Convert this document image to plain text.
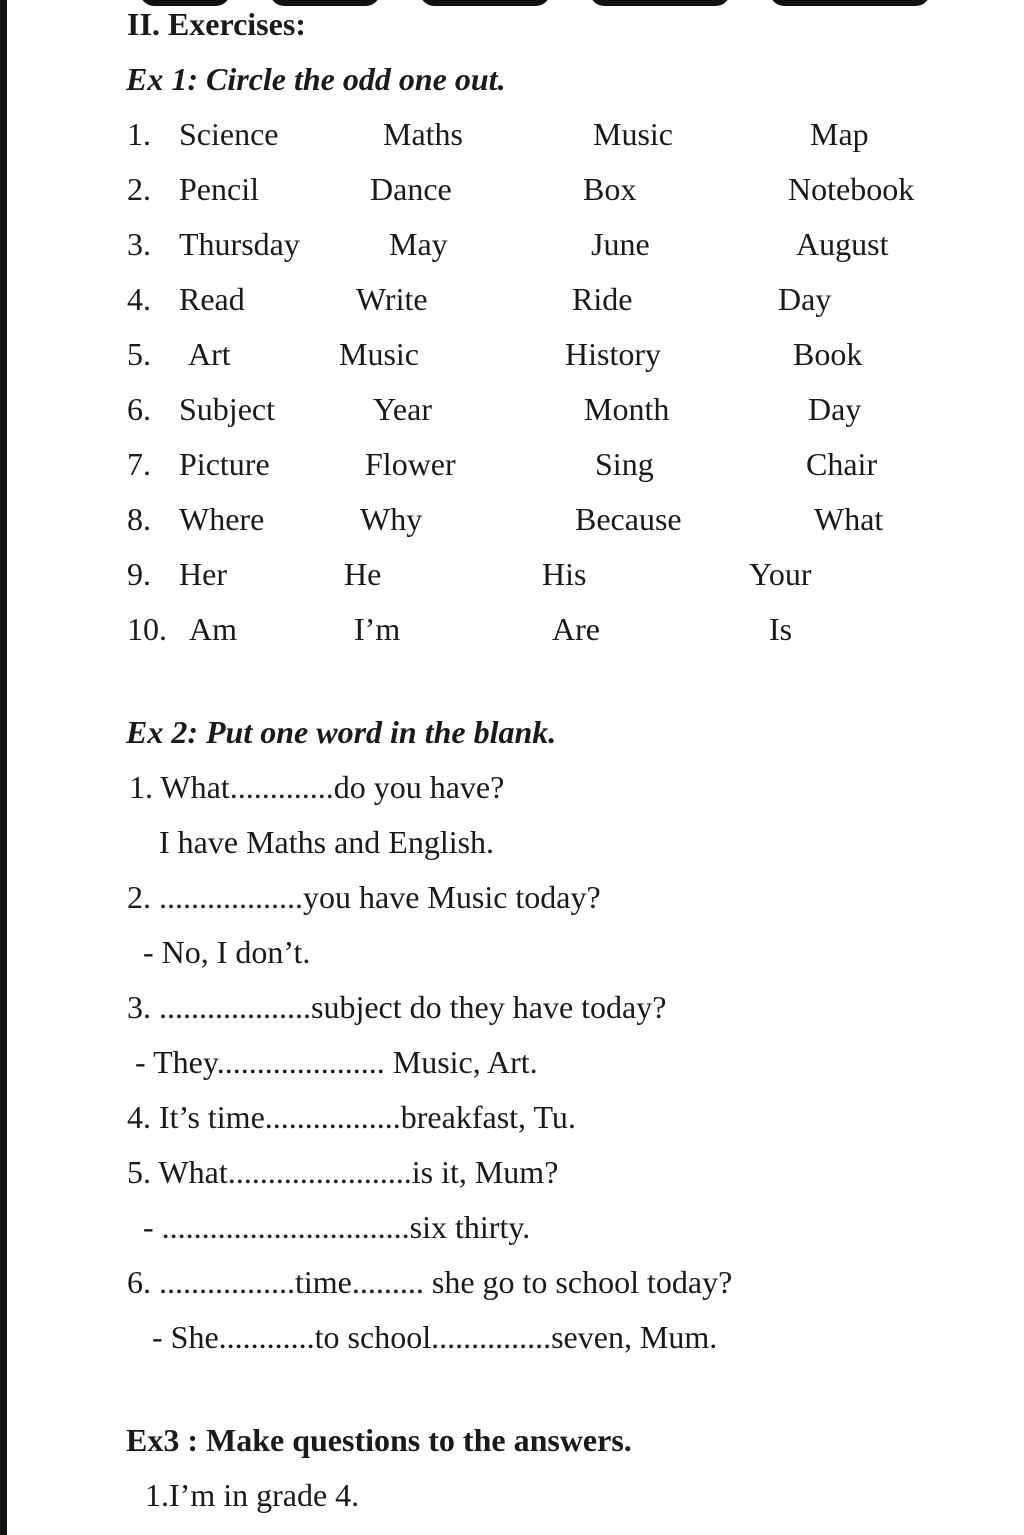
II. Exercises:
Ex 1: Circle the odd one out.
1. Science	Maths	Music	Map
2. Pencil	Dance	Box	Notebook
3. Thursday	May	June	August
4. Read	Write	Ride	Day
5. Art	Music	History	Book
6. Subject	Year	Month	Day
7. Picture	Flower	Sing	Chair
8. Where	Why	Because	What
9. Her	He	His	Your
10. Am	I’m	Are	Is
Ex 2: Put one word in the blank.
1. What.............do you have?
I have Maths and English.
2. ..................you have Music today?
- No, I don’t.
3. ...................subject do they have today?
- They..................... Music, Art.
4. It’s time.................breakfast, Tu.
5. What.......................is it, Mum?
- ...............................six thirty.
6. .................time......... she go to school today?
- She............to school...............seven, Mum.
Ex3 : Make questions to the answers.
1.I’m in grade 4.
